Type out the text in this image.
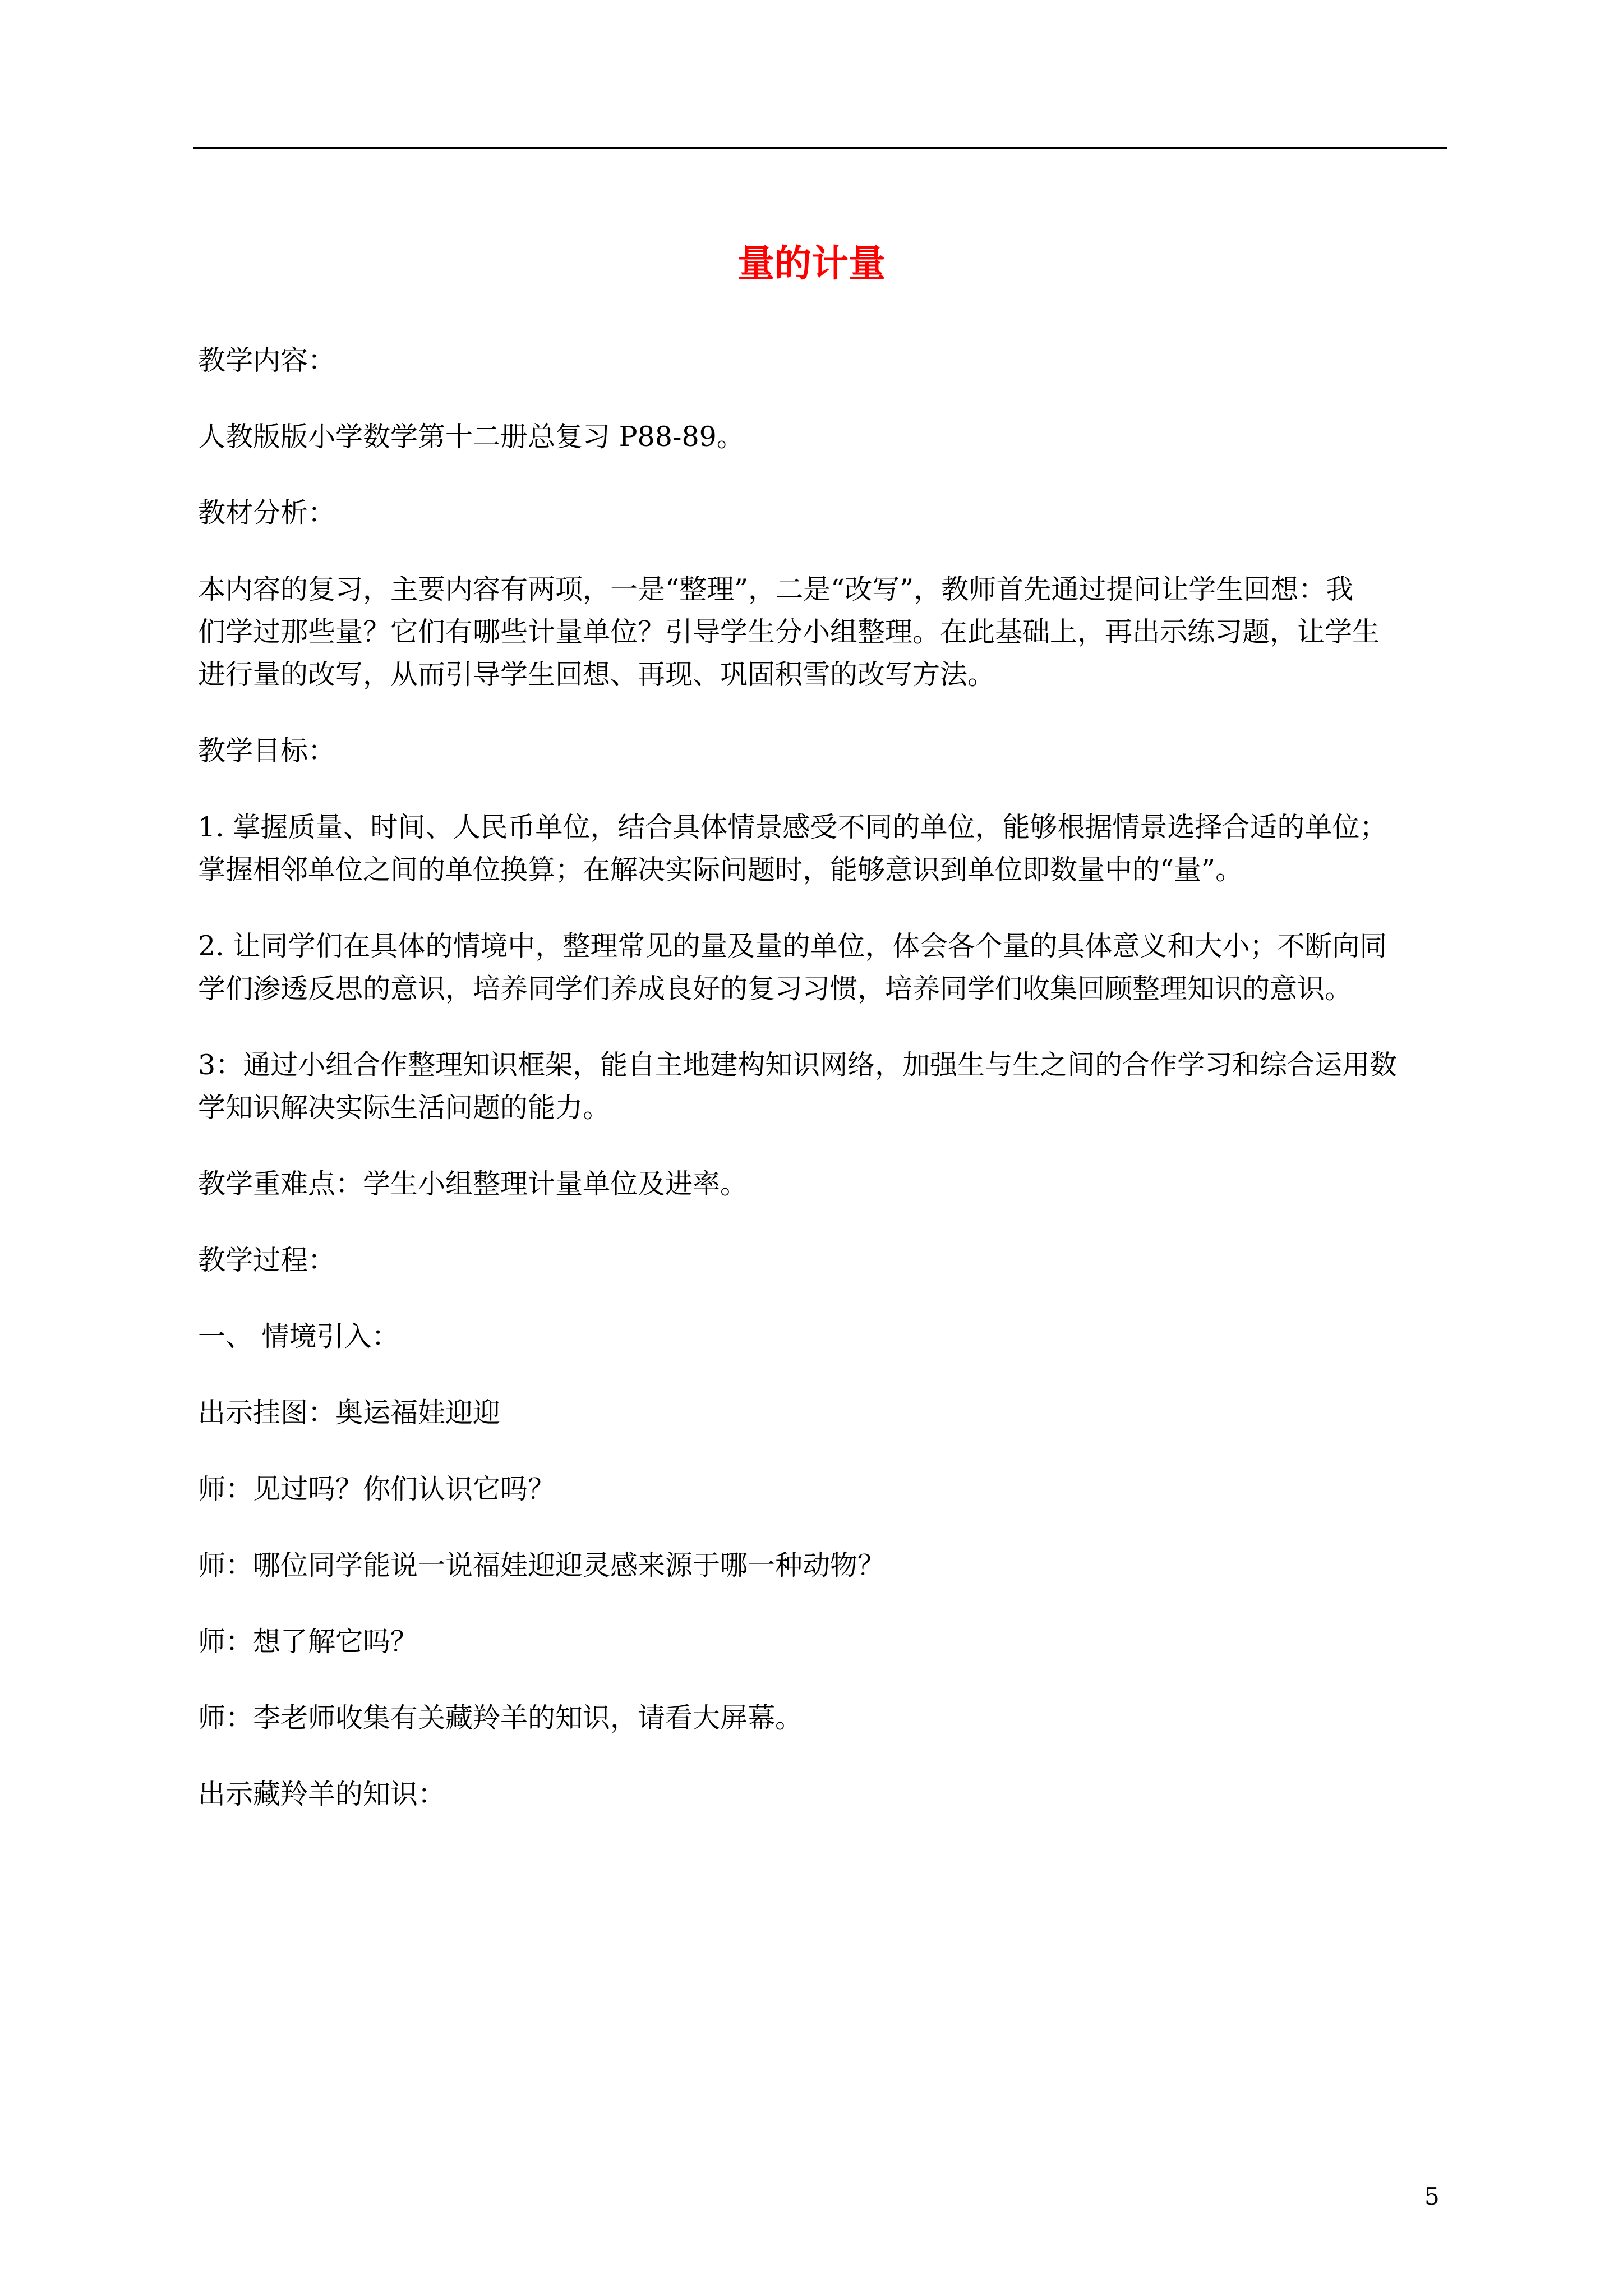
量的计量

教学内容：

人教版版小学数学第十二册总复习 P88-89。

教材分析：

本内容的复习，主要内容有两项，一是“整理”，二是“改写”，教师首先通过提问让学生回想：我
们学过那些量？它们有哪些计量单位？引导学生分小组整理。在此基础上，再出示练习题，让学生
进行量的改写，从而引导学生回想、再现、巩固积雪的改写方法。

教学目标：

1. 掌握质量、时间、人民币单位，结合具体情景感受不同的单位，能够根据情景选择合适的单位；
掌握相邻单位之间的单位换算；在解决实际问题时，能够意识到单位即数量中的“量”。

2. 让同学们在具体的情境中，整理常见的量及量的单位，体会各个量的具体意义和大小；不断向同
学们渗透反思的意识，培养同学们养成良好的复习习惯，培养同学们收集回顾整理知识的意识。

3：通过小组合作整理知识框架，能自主地建构知识网络，加强生与生之间的合作学习和综合运用数
学知识解决实际生活问题的能力。

教学重难点：学生小组整理计量单位及进率。

教学过程：

一、 情境引入：

出示挂图：奥运福娃迎迎

师：见过吗？你们认识它吗？

师：哪位同学能说一说福娃迎迎灵感来源于哪一种动物？

师：想了解它吗？

师：李老师收集有关藏羚羊的知识，请看大屏幕。

出示藏羚羊的知识：

5
